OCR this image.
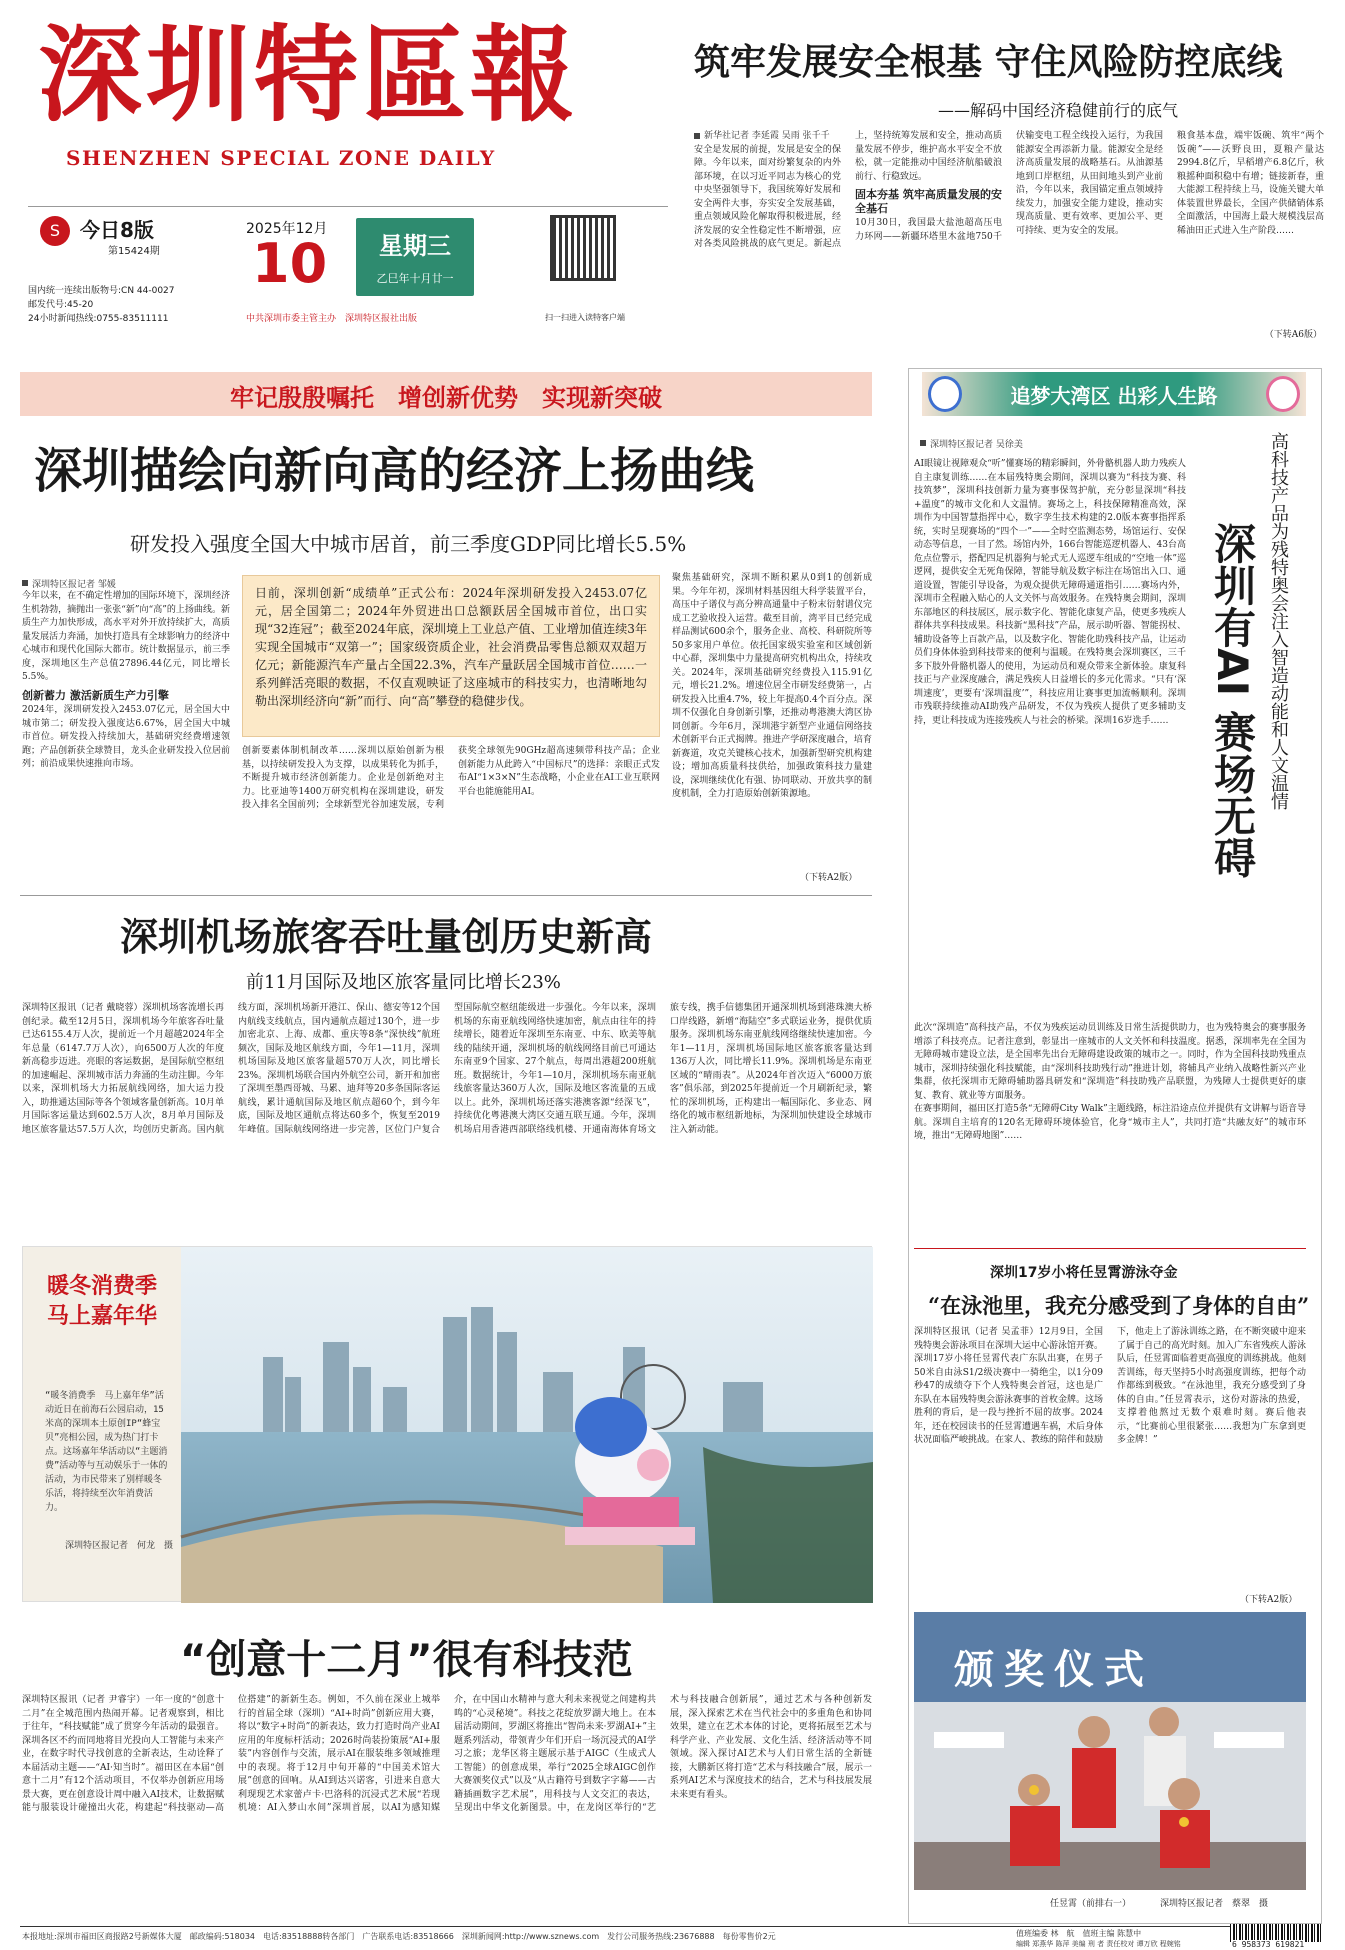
深圳特區報
SHENZHEN SPECIAL ZONE DAILY
S 今日8版
第15424期
2025年12月
10	星期三
乙巳年十月廿一
扫一扫进入读特客户端
国内统一连续出版物号:CN 44-0027
邮发代号:45-20
24小时新闻热线:0755-83511111	中共深圳市委主管主办　深圳特区报社出版
筑牢发展安全根基 守住风险防控底线
——解码中国经济稳健前行的底气
新华社记者 李延霞 吴雨 张千千

安全是发展的前提，发展是安全的保障。今年以来，面对纷繁复杂的内外部环境，在以习近平同志为核心的党中央坚强领导下，我国统筹好发展和安全两件大事，夯实安全发展基础，重点领域风险化解取得积极进展，经济发展的安全性稳定性不断增强，应对各类风险挑战的底气更足。新起点上，坚持统筹发展和安全，推动高质量发展不停步，维护高水平安全不放松，就一定能推动中国经济航船破浪前行、行稳致远。

固本夯基 筑牢高质量发展的安全基石

10月30日，我国最大盐池超高压电力环网——新疆环塔里木盆地750千伏输变电工程全线投入运行，为我国能源安全再添新力量。能源安全是经济高质量发展的战略基石。从油源基地到口岸枢纽，从田间地头到产业前沿，今年以来，我国锚定重点领域持续发力，加强安全能力建设，推动实现高质量、更有效率、更加公平、更可持续、更为安全的发展。

粮食基本盘，端牢饭碗、筑牢“两个饭碗”——沃野良田，夏粮产量达2994.8亿斤，早稻增产6.8亿斤，秋粮摇种面积稳中有增；链接新春，重大能源工程持续上马，设施关键大单体装置世界最长，全国产供储销体系全面激活，中国海上最大规模浅层高稀油田正式进入生产阶段……

（下转A6版）
牢记殷殷嘱托　增创新优势　实现新突破
深圳描绘向新向高的经济上扬曲线
研发投入强度全国大中城市居首，前三季度GDP同比增长5.5%
深圳特区报记者 邹媛
日前，深圳创新“成绩单”正式公布：2024年深圳研发投入2453.07亿元，居全国第二；2024年外贸进出口总额跃居全国城市首位，出口实现“32连冠”；截至2024年底，深圳境上工业总产值、工业增加值连续3年实现全国城市“双第一”；国家级资质企业，社会消费品零售总额双双超万亿元；新能源汽车产量占全国22.3%，汽车产量跃居全国城市首位……一系列鲜活亮眼的数据，不仅直观映证了这座城市的科技实力，也清晰地勾勒出深圳经济向“新”而行、向“高”攀登的稳健步伐。

今年以来，在不确定性增加的国际环境下，深圳经济生机勃勃，摘抛出一张张“新”向“高”的上扬曲线。新质生产力加快形成，高水平对外开放持续扩大，高质量发展活力奔涌，加快打造具有全球影响力的经济中心城市和现代化国际大都市。统计数据显示，前三季度，深圳地区生产总值27896.44亿元，同比增长5.5%。

创新蓄力 激活新质生产力引擎

2024年，深圳研发投入2453.07亿元，居全国大中城市第二；研发投入强度达6.67%，居全国大中城市首位。研发投入持续加大，基础研究经费增速领跑；产品创新获全球赞目，龙头企业研发投入位居前列；前沿成果快速推向市场。

创新要素体制机制改革……深圳以原始创新为根基，以持续研发投入为支撑，以成果转化为抓手，不断提升城市经济创新能力。企业是创新绝对主力。比亚迪等1400万研究机构在深圳建设，研发投入排名全国前列；全球新型光谷加速发展，专利获奖全球领先90GHz超高速频带科技产品；企业创新能力从此跨入“中国标尺”的选择：亲眼正式发布AI“1×3×N”生态战略，小企业在AI工业互联网平台也能施能用AI。

聚焦基础研究，深圳不断积累从0到1的创新成果。今年年初，深圳材料基因组大科学装置平台，高压中子谱仪与高分辨高通量中子粉末衍射谱仪完成工艺验收投入运营。截至目前，湾平目已经完成样品测试600余个，服务企业、高校、科研院所等50多家用户单位。依托国家级实验室和区域创新中心群，深圳集中力量提高研究机构出众，持续攻关。2024年，深圳基础研究经费投入115.91亿元，增长21.2%。增速位居全市研发经费第一，占研发投入比重4.7%，较上年提高0.4个百分点。深圳不仅强化自身创新引擎，还推动粤港澳大湾区协同创新。今年6月，深圳港宇新型产业通信网络技术创新平台正式揭牌。推进产学研深度融合，培育新赛道，攻克关键核心技术，加强新型研究机构建设；增加高质量科技供给，加强政策科技力量建设，深圳继续优化有强、协同联动、开放共享的制度机制，全力打造原始创新策源地。

（下转A2版）
深圳机场旅客吞吐量创历史新高
前11月国际及地区旅客量同比增长23%

深圳特区报讯（记者 戴晓蓉）深圳机场客流增长再创纪录。截至12月5日，深圳机场今年旅客吞吐量已达6155.4万人次，提前近一个月超越2024年全年总量（6147.7万人次），向6500万人次的年度新高稳步迈进。亮眼的客运数据，是国际航空枢纽的加速崛起、深圳城市活力奔涌的生动注脚。今年以来，深圳机场大力拓展航线网络，加大运力投入，助推通达国际等各个领域客量创新高。10月单月国际客运量达到602.5万人次，8月单月国际及地区旅客量达57.5万人次，均创历史新高。国内航线方面，深圳机场新开港江、保山、德安等12个国内航线支线航点，国内通航点超过130个，进一步加密北京、上海、成都、重庆等8条“深快线”航班频次，国际及地区航线方面，今年1—11月，深圳机场国际及地区旅客量超570万人次，同比增长23%。深圳机场联合国内外航空公司，新开和加密了深圳至墨西哥城、马累、迪拜等20多条国际客运航线，累计通航国际及地区航点超60个，到今年底，国际及地区通航点将达60多个，恢复至2019年峰值。国际航线网络进一步完善，区位门户复合型国际航空枢纽能级进一步强化。今年以来，深圳机场的东南亚航线网络快速加密，航点由往年的持续增长，随着近年深圳至东南亚、中东、欧美等航线的陆续开通，深圳机场的航线网络目前已可通达东南亚9个国家、27个航点，每周出港超200班航班。数据统计，今年1—10月，深圳机场东南亚航线旅客量达360万人次，国际及地区客流量的五成以上。此外，深圳机场还落实港澳客源“经深飞”，持续优化粤港澳大湾区交通互联互通。今年，深圳机场启用香港西部联络线机楼、开通南海体育场文旅专线，携手信德集团开通深圳机场到港珠澳大桥口岸线路，新增“海陆空”多式联运业务，提供优质服务。深圳机场东南亚航线网络继续快速加密。今年1—11月，深圳机场国际地区旅客旅客量达到136万人次，同比增长11.9%。深圳机场是东南亚区域的“晴雨表”。从2024年首次迈入“6000万旅客”俱乐部，到2025年提前近一个月刷新纪录，繁忙的深圳机场，正构建出一幅国际化、多业态、网络化的城市枢纽新地标，为深圳加快建设全球城市注入新动能。

暖冬消费季
马上嘉年华
“暖冬消费季　马上嘉年华”活动近日在前海石公园启动，15米高的深圳本土原创IP“蜂宝贝”亮相公园，成为热门打卡点。这场嘉年华活动以“主题消费”活动等与互动娱乐于一体的活动，为市民带来了别样暖冬乐活，将持续至次年消费活力。
深圳特区报记者　何龙　摄
“创意十二月”很有科技范

深圳特区报讯（记者 尹睿宇）一年一度的“创意十二月”在全城范围内热闹开幕。记者观察到，相比于往年，“科技赋能”成了贯穿今年活动的最强音。深圳各区不约而同地将目光投向人工智能与未来产业，在数字时代寻找创意的全新表达，生动诠释了本届活动主题——“AI·知当时”。福田区在本届“创意十二月”有12个活动项目，不仅举办创新应用场景大赛，更在创意设计周中融入AI技术，让数据赋能与服装设计碰撞出火花，构建起“科技驱动—高位搭建”的新新生态。例如，不久前在深业上城举行的首届全球（深圳）“AI+时尚”创新应用大赛，将以“数字+时尚”的新表达，致力打造时尚产业AI应用的年度标杆活动；2026时尚装扮策展“AI+服装”内容创作与交流，展示AI在服装维多领域推理中的表现。将于12月中旬开幕的“中国美术馆大展”创意的回响。从AI到达兴诺客，引进来自意大利现现艺术家蕾卢卡·巴洛科的沉浸式艺术展“若现机境：AI入梦山水间”深圳首展，以AI为感知媒介，在中国山水精神与意大利未来视觉之间建构共鸣的“心灵秘境”。科技之花绽放罗湖大地上。在本届活动期间，罗湖区将推出“智尚未来·罗湖AI+”主题系列活动，带领青少年们开启一场沉浸式的AI学习之旅；龙华区将主题展示基于AIGC（生成式人工智能）的创意成果，举行“2025全球AIGC创作大赛颁奖仪式”以及“从古籍符号到数字字幕——古籍插画数字艺术展”，用科技与人文交汇的表达，呈现出中华文化新图景。中，在龙岗区举行的“艺术与科技融合创新展”，通过艺术与各种创新发展，深入探索艺术在当代社会中的多重角色和协同效果，建立在艺术本体的讨论，更将拓展至艺术与科学产业、产业发展、文化生活、经济活动等不同领域。深入探讨AI艺术与人们日常生活的全新链接，大鹏新区将打造“艺术与科技融合”展，展示一系列AI艺术与深度技术的结合，艺术与科技展发展未来更有看头。

追梦大湾区 出彩人生路
深圳特区报记者 吴徐美	高科技产品为残特奥会注入智造动能和人文温情
深圳有AI 赛场无碍

AI眼镜让视障观众“听”懂赛场的精彩瞬间，外骨骼机器人助力残疾人自主康复训练……在本届残特奥会期间，深圳以赛为“科技为赛、科技筑梦”，深圳科技创新力量为赛事保驾护航，充分彰显深圳“科技+温度”的城市文化和人文温情。赛场之上，科技保障精准高效，深圳作为中国智慧指挥中心，数字孪生技术构建的2.0版本赛事指挥系统，实时呈现赛场的“四个一”——全时空监测态势，场馆运行、安保动态等信息，一目了然。场馆内外，166台智能巡逻机器人、43台高危点位警示，搭配四足机器狗与轮式无人巡逻车组成的“空地一体”巡逻网，提供安全无死角保障，智能导航及数字标注在场馆出入口、通道设置，智能引导设备，为观众提供无障碍通道指引……赛场内外，深圳市全程融入贴心的人文关怀与高效服务。在残特奥会期间，深圳东部地区的科技展区，展示数字化、智能化康复产品，使更多残疾人群体共享科技成果。科技新“黑科技”产品，展示助听器、智能拐杖、辅助设备等上百款产品，以及数字化、智能化助残科技产品，让运动员们身体体验到科技带来的便利与温暖。在残特奥会深圳赛区，三千多下肢外骨骼机器人的使用，为运动员和观众带来全新体验。康复科技正与产业深度融合，满足残疾人日益增长的多元化需求。“只有‘深圳速度’，更要有‘深圳温度’”，科技应用让赛事更加流畅顺利。深圳市残联持续推动AI助残产品研发，不仅为残疾人提供了更多辅助支持，更让科技成为连接残疾人与社会的桥梁。深圳16岁选手……

此次“深圳造”高科技产品，不仅为残疾运动员训练及日常生活提供助力，也为残特奥会的赛事服务增添了科技亮点。记者注意到，彰显出一座城市的人文关怀和科技温度。据悉，深圳率先在全国为无障碍城市建设立法，是全国率先出台无障碍建设政策的城市之一。同时，作为全国科技助残重点城市，深圳持续强化科技赋能，由“深圳科技助残行动”推进计划，将辅具产业纳入战略性新兴产业集群，依托深圳市无障碍辅助器具研发和“深圳造”科技助残产品联盟，为残障人士提供更好的康复、教育、就业等方面服务。

在赛事期间，福田区打造5条“无障碍City Walk”主题线路，标注沿途点位并提供有文讲解与语音导航。深圳自主培育的120名无障碍环境体验官，化身“城市主人”，共同打造“共融友好”的城市环境，推出“无障碍地图”……

深圳17岁小将任昱霄游泳夺金
“在泳池里，我充分感受到了身体的自由”

深圳特区报讯（记者 吴孟菲）12月9日，全国残特奥会游泳项目在深圳大运中心游泳馆开赛。深圳17岁小将任昱霄代表广东队出赛，在男子50米自由泳S1/2级决赛中一骑绝尘，以1分09秒47的成绩夺下个人残特奥会首冠，这也是广东队在本届残特奥会游泳赛事的首枚金牌。这场胜利的背后，是一段与挫折不屈的故事。2024年，还在校园读书的任昱霄遭遇车祸，术后身体状况面临严峻挑战。在家人、教练的陪伴和鼓励下，他走上了游泳训练之路，在不断突破中迎来了属于自己的高光时刻。加入广东省残疾人游泳队后，任昱霄面临着更高强度的训练挑战。他刻苦训练，每天坚持5小时高强度训练，把每个动作都练到极致。“在泳池里，我充分感受到了身体的自由。”任昱霄表示，这份对游泳的热爱，支撑着他熬过无数个艰难时刻。赛后他表示，“比赛前心里很紧张……我想为广东拿到更多金牌！”

（下转A2版）
颁奖仪式
任昱霄（前排右一）	深圳特区报记者　蔡翠　摄
本报地址:深圳市福田区商报路2号新媒体大厦　邮政编码:518034　电话:83518888转各部门　广告联系电话:83518666　深圳新闻网:http://www.sznews.com　发行公司服务热线:23676888　每份零售价2元	值班编委 林　航　值班主编 陈慧中
编辑 郑燕华 陈萍 美编 刑 者 责任校对 谭万欣 程婉铭	6 958373 619821
